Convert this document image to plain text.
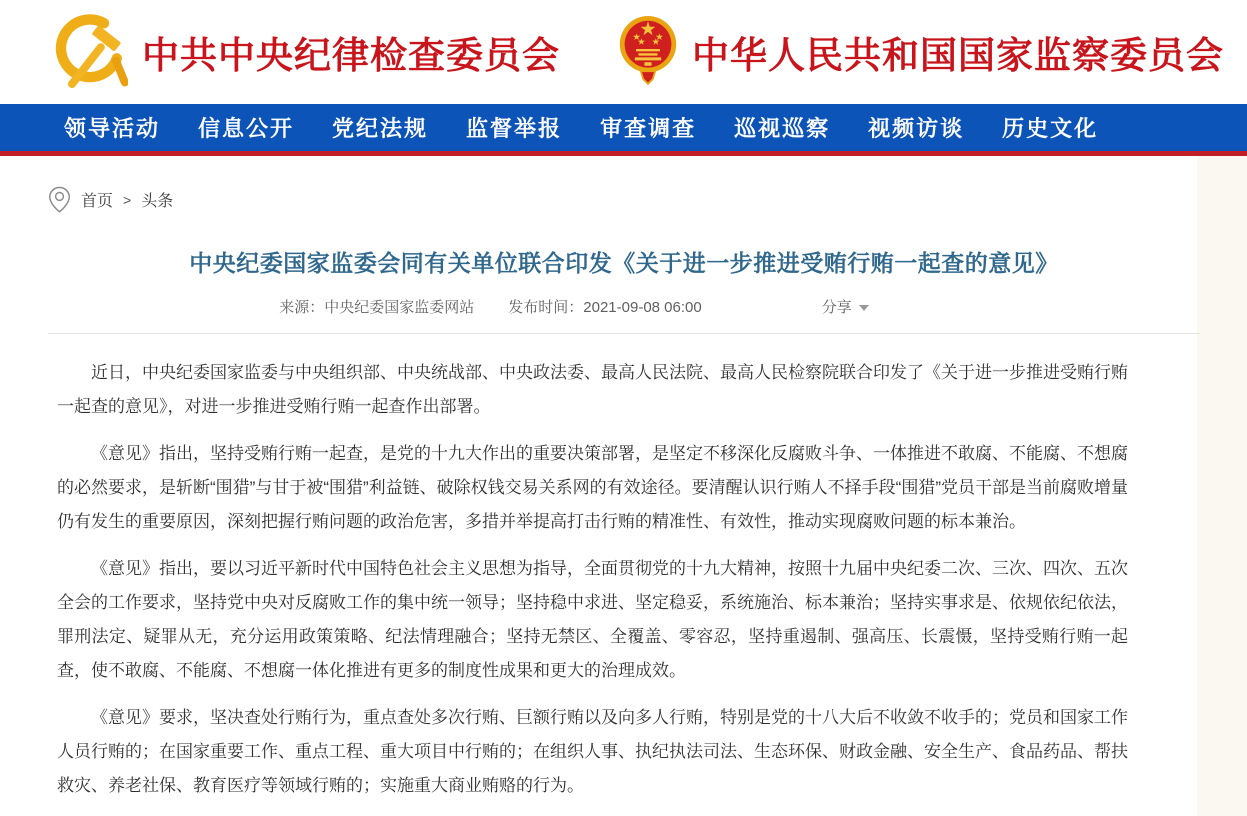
中共中央纪律检查委员会	中华人民共和国国家监察委员会
领导活动 信息公开 党纪法规 监督举报 审查调查 巡视巡察 视频访谈 历史文化
首页 > 头条
中央纪委国家监委会同有关单位联合印发《关于进一步推进受贿行贿一起查的意见》
来源：中央纪委国家监委网站 发布时间：2021-09-08 06:00	分享

近日，中央纪委国家监委与中央组织部、中央统战部、中央政法委、最高人民法院、最高人民检察院联合印发了《关于进一步推进受贿行贿一起查的意见》，对进一步推进受贿行贿一起查作出部署。

《意见》指出，坚持受贿行贿一起查，是党的十九大作出的重要决策部署，是坚定不移深化反腐败斗争、一体推进不敢腐、不能腐、不想腐的必然要求，是斩断“围猎”与甘于被“围猎”利益链、破除权钱交易关系网的有效途径。要清醒认识行贿人不择手段“围猎”党员干部是当前腐败增量仍有发生的重要原因，深刻把握行贿问题的政治危害，多措并举提高打击行贿的精准性、有效性，推动实现腐败问题的标本兼治。

《意见》指出，要以习近平新时代中国特色社会主义思想为指导，全面贯彻党的十九大精神，按照十九届中央纪委二次、三次、四次、五次全会的工作要求，坚持党中央对反腐败工作的集中统一领导；坚持稳中求进、坚定稳妥，系统施治、标本兼治；坚持实事求是、依规依纪依法，罪刑法定、疑罪从无，充分运用政策策略、纪法情理融合；坚持无禁区、全覆盖、零容忍，坚持重遏制、强高压、长震慑，坚持受贿行贿一起查，使不敢腐、不能腐、不想腐一体化推进有更多的制度性成果和更大的治理成效。

《意见》要求，坚决查处行贿行为，重点查处多次行贿、巨额行贿以及向多人行贿，特别是党的十八大后不收敛不收手的；党员和国家工作人员行贿的；在国家重要工作、重点工程、重大项目中行贿的；在组织人事、执纪执法司法、生态环保、财政金融、安全生产、食品药品、帮扶救灾、养老社保、教育医疗等领域行贿的；实施重大商业贿赂的行为。
